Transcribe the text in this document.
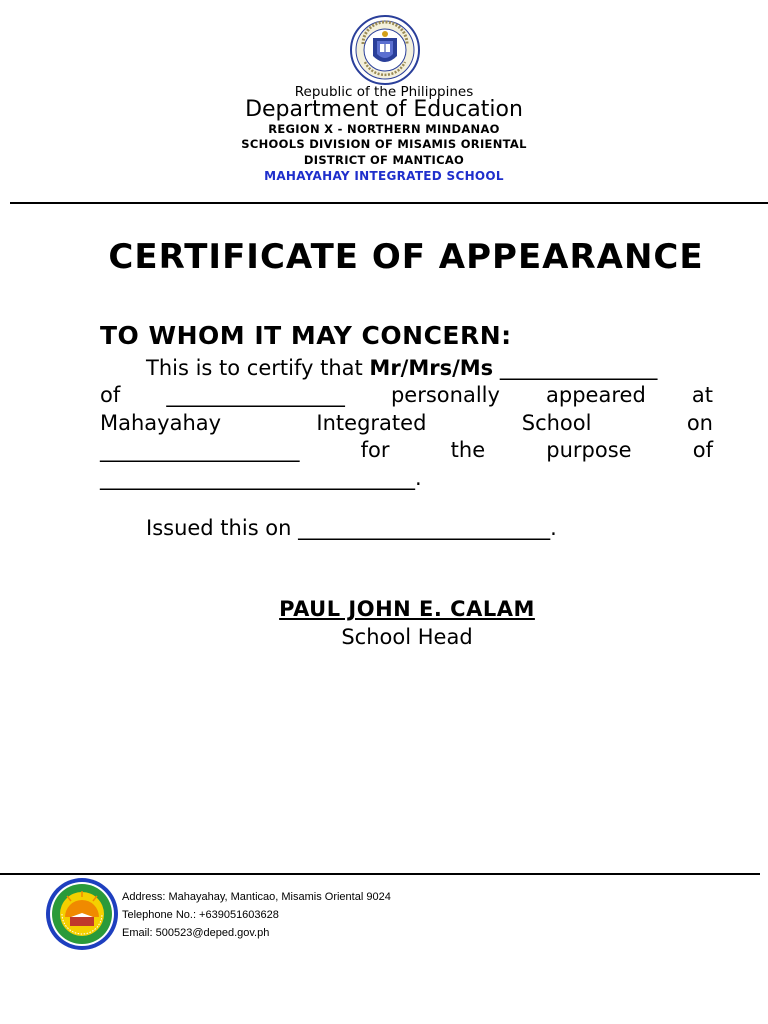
Republic of the Philippines
Department of Education
REGION X - NORTHERN MINDANAO
SCHOOLS DIVISION OF MISAMIS ORIENTAL
DISTRICT OF MANTICAO
MAHAYAHAY INTEGRATED SCHOOL
CERTIFICATE OF APPEARANCE
TO WHOM IT MAY CONCERN:
This is to certify that Mr/Mrs/Ms _______________
of _________________ personally appeared at
Mahayahay	Integrated	School	on
___________________	for	the	purpose	of
______________________________.
Issued this on ________________________.
PAUL JOHN E. CALAM
School Head
Address: Mahayahay, Manticao, Misamis Oriental 9024
Telephone No.: +639051603628
Email: 500523@deped.gov.ph
